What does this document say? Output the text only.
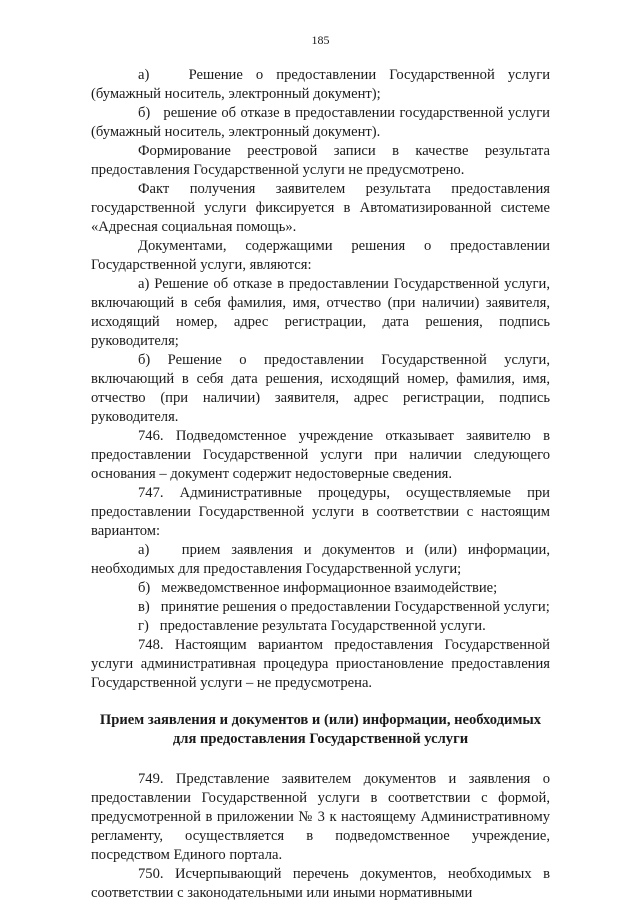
185

а)   Решение о предоставлении Государственной услуги (бумажный носитель, электронный документ);

б)   решение об отказе в предоставлении государственной услуги (бумажный носитель, электронный документ).

Формирование реестровой записи в качестве результата предоставления Государственной услуги не предусмотрено.

Факт получения заявителем результата предоставления государственной услуги фиксируется в Автоматизированной системе «Адресная социальная помощь».

Документами, содержащими решения о предоставлении Государственной услуги, являются:

а) Решение об отказе в предоставлении Государственной услуги, включающий в себя фамилия, имя, отчество (при наличии) заявителя, исходящий номер, адрес регистрации, дата решения, подпись руководителя;

б) Решение о предоставлении Государственной услуги, включающий в себя дата решения, исходящий номер, фамилия, имя, отчество (при наличии) заявителя, адрес регистрации, подпись руководителя.

746. Подведомстенное учреждение отказывает заявителю в предоставлении Государственной услуги при наличии следующего основания – документ содержит недостоверные сведения.

747. Административные процедуры, осуществляемые при предоставлении Государственной услуги в соответствии с настоящим вариантом:

а)   прием заявления и документов и (или) информации, необходимых для предоставления Государственной услуги;

б)   межведомственное информационное взаимодействие;

в)   принятие решения о предоставлении Государственной услуги;

г)   предоставление результата Государственной услуги.

748. Настоящим вариантом предоставления Государственной услуги административная процедура приостановление предоставления Государственной услуги – не предусмотрена.

Прием заявления и документов и (или) информации, необходимых для предоставления Государственной услуги

749. Представление заявителем документов и заявления о предоставлении Государственной услуги в соответствии с формой, предусмотренной в приложении № 3 к настоящему Административному регламенту, осуществляется в подведомственное учреждение, посредством Единого портала.

750. Исчерпывающий перечень документов, необходимых в соответствии с законодательными или иными нормативными
